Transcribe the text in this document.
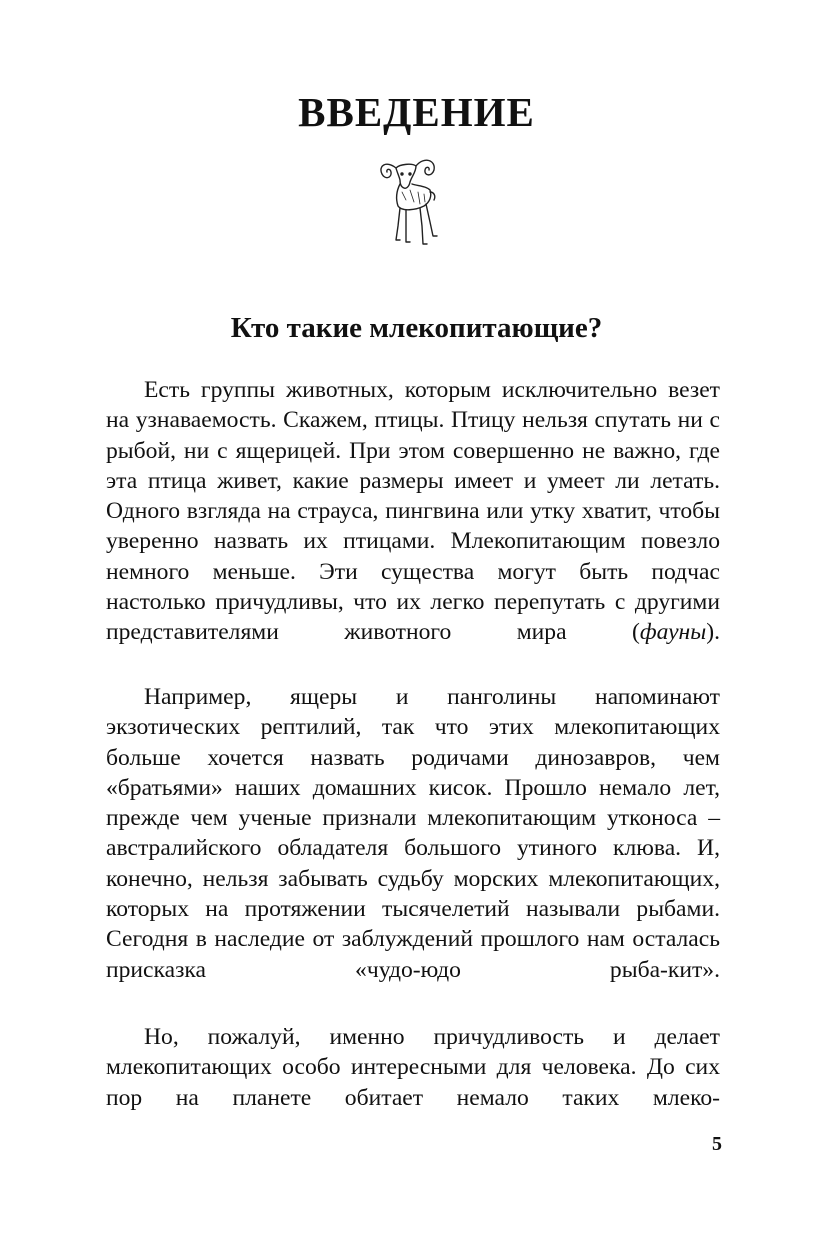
ВВЕДЕНИЕ
Кто такие млекопитающие?

Есть группы животных, которым исключительно везет на узнаваемость. Скажем, птицы. Птицу нельзя спутать ни с рыбой, ни с ящерицей. При этом совершенно не важно, где эта птица живет, какие размеры имеет и умеет ли летать. Одного взгляда на страуса, пингвина или утку хватит, чтобы уверенно назвать их птицами. Млекопитающим повезло немного меньше. Эти существа могут быть подчас настолько причудливы, что их легко перепутать с другими представителями животного мира (фауны).

Например, ящеры и панголины напоминают экзотических рептилий, так что этих млекопитающих больше хочется назвать родичами динозавров, чем «братьями» наших домашних кисок. Прошло немало лет, прежде чем ученые признали млекопитающим утконоса – австралийского обладателя большого утиного клюва. И, конечно, нельзя забывать судьбу морских млекопитающих, которых на протяжении тысячелетий называли рыбами. Сегодня в наследие от заблуждений прошлого нам осталась присказка «чудо-юдо рыба-кит».

Но, пожалуй, именно причудливость и делает млекопитающих особо интересными для человека. До сих пор на планете обитает немало таких млеко-

5
